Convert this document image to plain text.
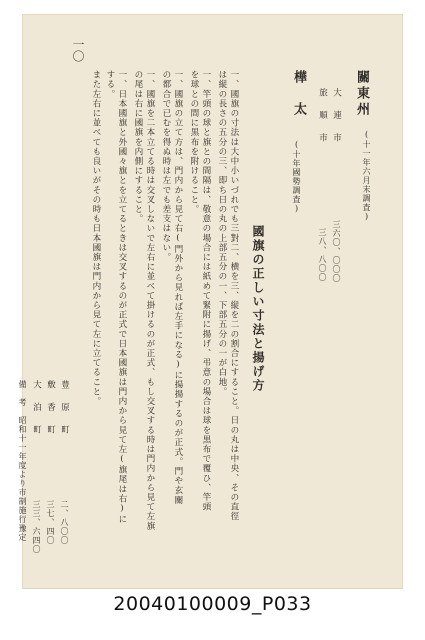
一〇
關東州
(十一年六月末調査)
大 連 市
三六〇、〇〇〇
旅 順 市
三八、八〇〇
樺　太
(十年國勢調査)
豊 原 町
二、八〇〇
敷 香 町
三七、四〇
大 泊 町
三三、六四〇
備　考　昭和十一年度より市制施行豫定
國旗の正しい寸法と揚げ方
一、國旗の寸法は大中小いづれでも三對二、横を三、縦を二の割合にすること。日の丸は中央、その直徑
は縦の長さの五分の三、即ち日の丸の上部五分の一、下部五分の一が白地。
一、竿頭の球と旗との間隔は、敬意の場合には紙めて緊附に揚げ、弔意の場合は球を黒布で覆ひ、竿頭
を球との間に黒布を附けること。
一、國旗の立て方は、門内から見て右(門外から見れば左手になる)に揚揚するのが正式。門や玄關
の都合で已むを得ぬ時は左でも差支はない。
一、國旗を二本立てる時は交叉しないで左右に並べて掛けるのが正式、もし交叉する時は門内から見て左旗
の尾は右に國旗を内側にすること。
一、日本國旗と外國々旗とを立てるときは交叉するのが正式で日本國旗は門内から見て左(旗尾は右)に
する。
また左右に並べても良いがその時も日本國旗は門内から見て左に立てること。
20040100009_P033
